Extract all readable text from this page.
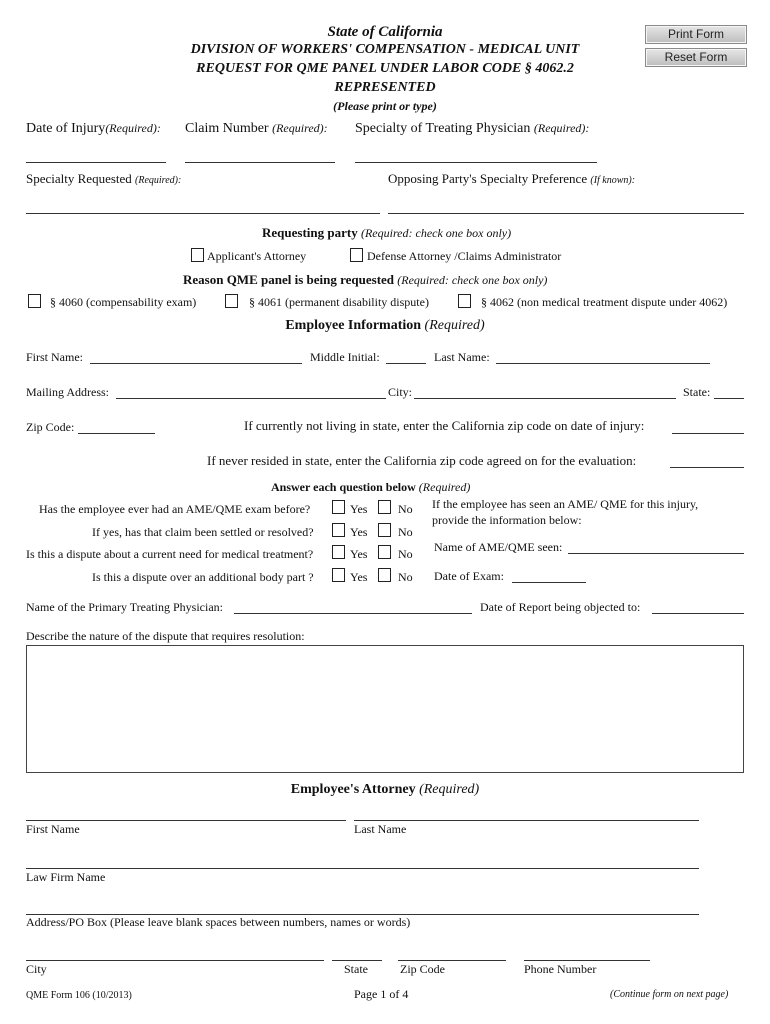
Print Form
Reset Form
State of California
DIVISION OF WORKERS' COMPENSATION - MEDICAL UNIT
REQUEST FOR QME PANEL UNDER LABOR CODE § 4062.2
REPRESENTED
(Please print or type)
Date of Injury(Required): Claim Number (Required): Specialty of Treating Physician (Required):
Specialty Requested (Required):	Opposing Party's Specialty Preference (If known):
Requesting party (Required: check one box only)
Applicant's Attorney	Defense Attorney /Claims Administrator
Reason QME panel is being requested (Required: check one box only)
§ 4060 (compensability exam)	§ 4061 (permanent disability dispute)	§ 4062 (non medical treatment dispute under 4062)
Employee Information (Required)
First Name:	Middle Initial:	Last Name:
Mailing Address:	City:	State:
Zip Code:	If currently not living in state, enter the California zip code on date of injury:
If never resided in state, enter the California zip code agreed on for the evaluation:
Answer each question below (Required)
Has the employee ever had an AME/QME exam before?	Yes	No
If yes, has that claim been settled or resolved?	Yes	No
Is this a dispute about a current need for medical treatment?	Yes	No
Is this a dispute over an additional body part ?	Yes	No
If the employee has seen an AME/ QME for this injury,
provide the information below:
Name of AME/QME seen:
Date of Exam:
Name of the Primary Treating Physician:	Date of Report being objected to:
Describe the nature of the dispute that requires resolution:
Employee's Attorney (Required)
First Name	Last Name
Law Firm Name
Address/PO Box (Please leave blank spaces between numbers, names or words)
City	State	Zip Code	Phone Number
QME Form 106 (10/2013)	Page 1 of 4	(Continue form on next page)
